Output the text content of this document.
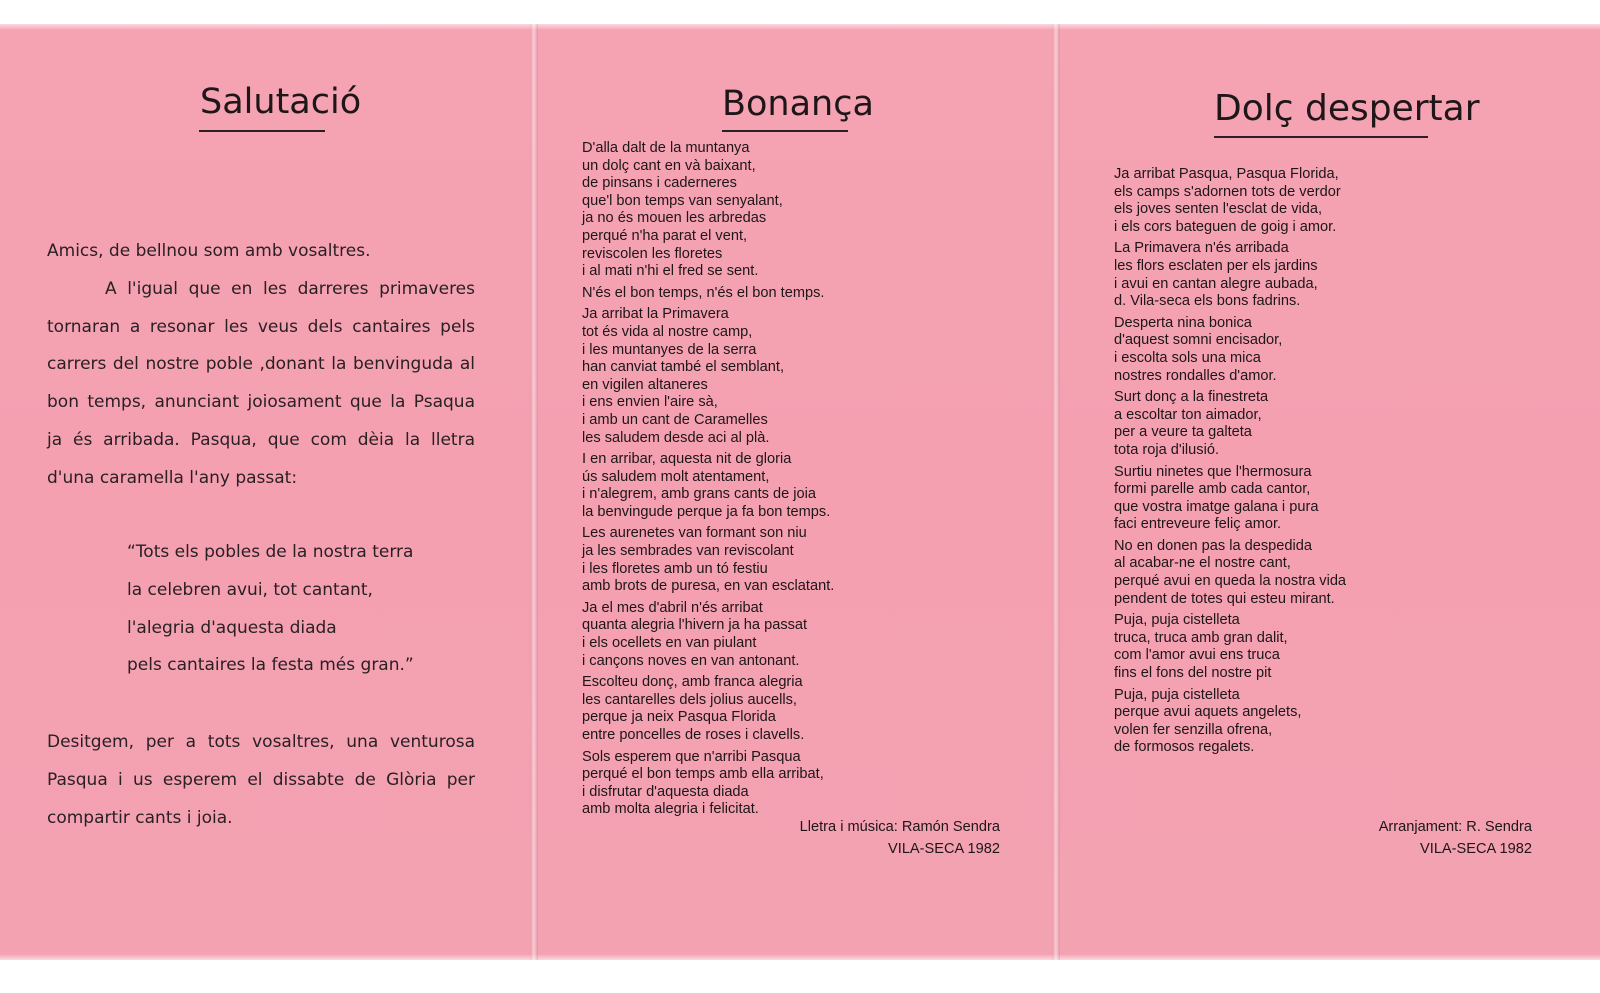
Salutació

Amics, de bellnou som amb vosaltres.

A l'igual que en les darreres primaveres tornaran a resonar les veus dels cantaires pels carrers del nostre poble ,donant la benvinguda al bon temps, anunciant joiosament que la Psaqua ja és arribada. Pasqua, que com dèia la lletra d'una caramella l'any passat:

“Tots els pobles de la nostra terra
la celebren avui, tot cantant,
l'alegria d'aquesta diada
pels cantaires la festa més gran.”

Desitgem, per a tots vosaltres, una venturosa Pasqua i us esperem el dissabte de Glòria per compartir cants i joia.

Bonança
D'alla dalt de la muntanya
un dolç cant en và baixant,
de pinsans i caderneres
que'l bon temps van senyalant,
ja no és mouen les arbredas
perqué n'ha parat el vent,
reviscolen les floretes
i al mati n'hi el fred se sent.
N'és el bon temps, n'és el bon temps.
Ja arribat la Primavera
tot és vida al nostre camp,
i les muntanyes de la serra
han canviat també el semblant,
en vigilen altaneres
i ens envien l'aire sà,
i amb un cant de Caramelles
les saludem desde aci al plà.
I en arribar, aquesta nit de gloria
ús saludem molt atentament,
i n'alegrem, amb grans cants de joia
la benvingude perque ja fa bon temps.
Les aurenetes van formant son niu
ja les sembrades van reviscolant
i les floretes amb un tó festiu
amb brots de puresa, en van esclatant.
Ja el mes d'abril n'és arribat
quanta alegria l'hivern ja ha passat
i els ocellets en van piulant
i cançons noves en van antonant.
Escolteu donç, amb franca alegria
les cantarelles dels jolius aucells,
perque ja neix Pasqua Florida
entre poncelles de roses i clavells.
Sols esperem que n'arribi Pasqua
perqué el bon temps amb ella arribat,
i disfrutar d'aquesta diada
amb molta alegria i felicitat.
Lletra i música: Ramón Sendra
VILA-SECA 1982
Dolç despertar
Ja arribat Pasqua, Pasqua Florida,
els camps s'adornen tots de verdor
els joves senten l'esclat de vida,
i els cors bateguen de goig i amor.
La Primavera n'és arribada
les flors esclaten per els jardins
i avui en cantan alegre aubada,
d. Vila-seca els bons fadrins.
Desperta nina bonica
d'aquest somni encisador,
i escolta sols una mica
nostres rondalles d'amor.
Surt donç a la finestreta
a escoltar ton aimador,
per a veure ta galteta
tota roja d'ilusió.
Surtiu ninetes que l'hermosura
formi parelle amb cada cantor,
que vostra imatge galana i pura
faci entreveure feliç amor.
No en donen pas la despedida
al acabar-ne el nostre cant,
perqué avui en queda la nostra vida
pendent de totes qui esteu mirant.
Puja, puja cistelleta
truca, truca amb gran dalit,
com l'amor avui ens truca
fins el fons del nostre pit
Puja, puja cistelleta
perque avui aquets angelets,
volen fer senzilla ofrena,
de formosos regalets.
Arranjament: R. Sendra
VILA-SECA 1982
